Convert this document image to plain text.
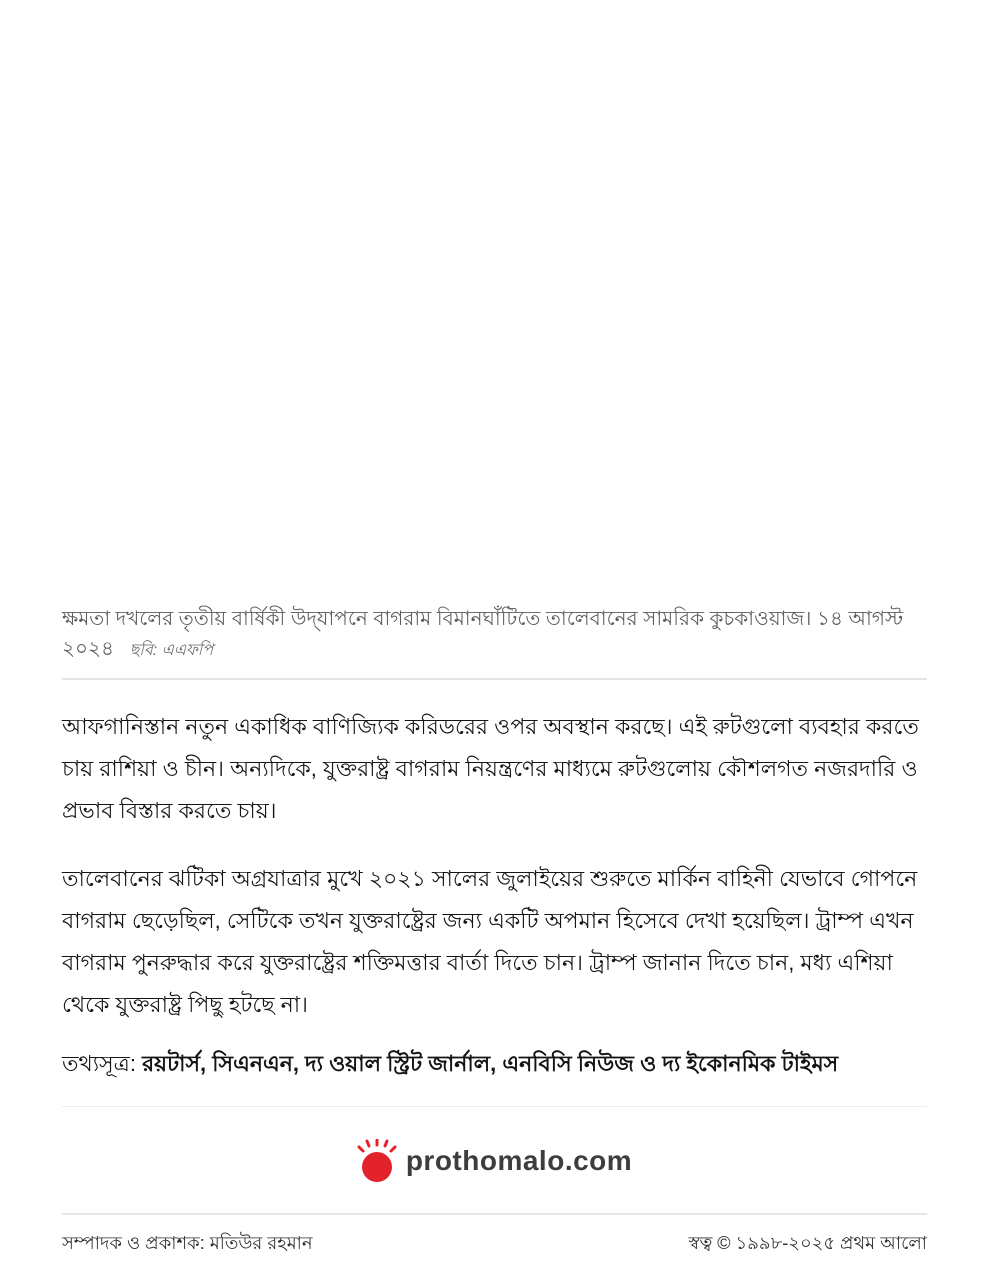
ক্ষমতা দখলের তৃতীয় বার্ষিকী উদ্‌যাপনে বাগরাম বিমানঘাঁটিতে তালেবানের সামরিক কুচকাওয়াজ। ১৪ আগস্ট ২০২৪ ছবি: এএফপি

আফগানিস্তান নতুন একাধিক বাণিজ্যিক করিডরের ওপর অবস্থান করছে। এই রুটগুলো ব্যবহার করতে চায় রাশিয়া ও চীন। অন্যদিকে, যুক্তরাষ্ট্র বাগরাম নিয়ন্ত্রণের মাধ্যমে রুটগুলোয় কৌশলগত নজরদারি ও প্রভাব বিস্তার করতে চায়।

তালেবানের ঝটিকা অগ্রযাত্রার মুখে ২০২১ সালের জুলাইয়ের শুরুতে মার্কিন বাহিনী যেভাবে গোপনে বাগরাম ছেড়েছিল, সেটিকে তখন যুক্তরাষ্ট্রের জন্য একটি অপমান হিসেবে দেখা হয়েছিল। ট্রাম্প এখন বাগরাম পুনরুদ্ধার করে যুক্তরাষ্ট্রের শক্তিমত্তার বার্তা দিতে চান। ট্রাম্প জানান দিতে চান, মধ্য এশিয়া থেকে যুক্তরাষ্ট্র পিছু হটছে না।

তথ্যসূত্র: রয়টার্স, সিএনএন, দ্য ওয়াল স্ট্রিট জার্নাল, এনবিসি নিউজ ও দ্য ইকোনমিক টাইমস

prothomalo.com
সম্পাদক ও প্রকাশক: মতিউর রহমান	স্বত্ব © ১৯৯৮-২০২৫ প্রথম আলো
